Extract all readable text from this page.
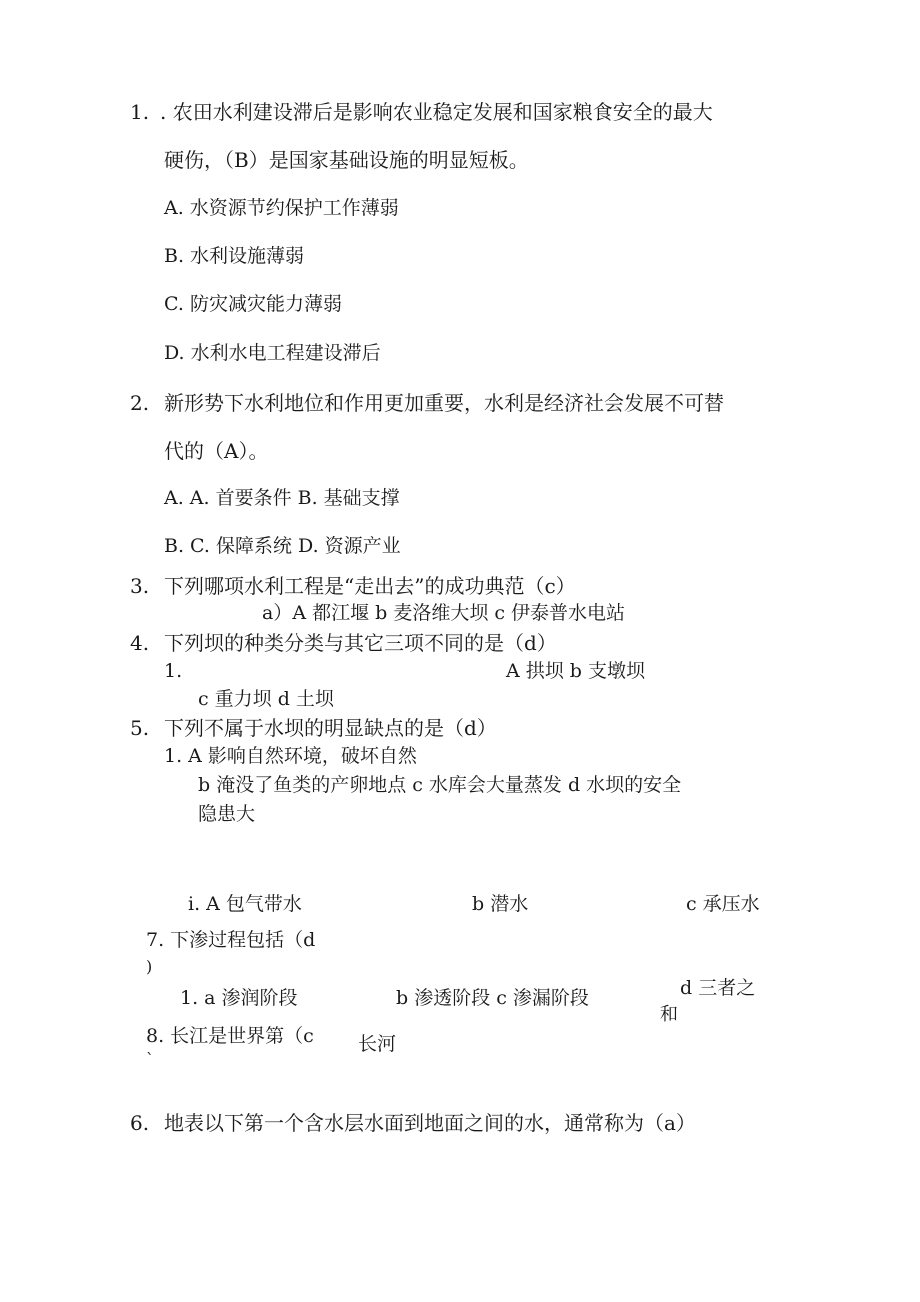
1. . 农田水利建设滞后是影响农业稳定发展和国家粮食安全的最大
硬伤，（B）是国家基础设施的明显短板。
A. 水资源节约保护工作薄弱
B. 水利设施薄弱
C. 防灾减灾能力薄弱
D. 水利水电工程建设滞后
2. 新形势下水利地位和作用更加重要，水利是经济社会发展不可替
代的（A）。
A. A. 首要条件 B. 基础支撑
B. C. 保障系统 D. 资源产业
3. 下列哪项水利工程是“走出去”的成功典范（c）
a）A 都江堰 b 麦洛维大坝 c 伊泰普水电站
4. 下列坝的种类分类与其它三项不同的是（d）
1.	A 拱坝 b 支墩坝
c 重力坝 d 土坝
5. 下列不属于水坝的明显缺点的是（d）
1. A 影响自然环境，破坏自然
b 淹没了鱼类的产卵地点 c 水库会大量蒸发 d 水坝的安全
隐患大
i. A 包气带水	b 潜水	c 承压水
7. 下渗过程包括（d
)
d 三者之
1. a 渗润阶段	b 渗透阶段 c 渗漏阶段
和
8. 长江是世界第（c
`
长河
6. 地表以下第一个含水层水面到地面之间的水，通常称为（a）
